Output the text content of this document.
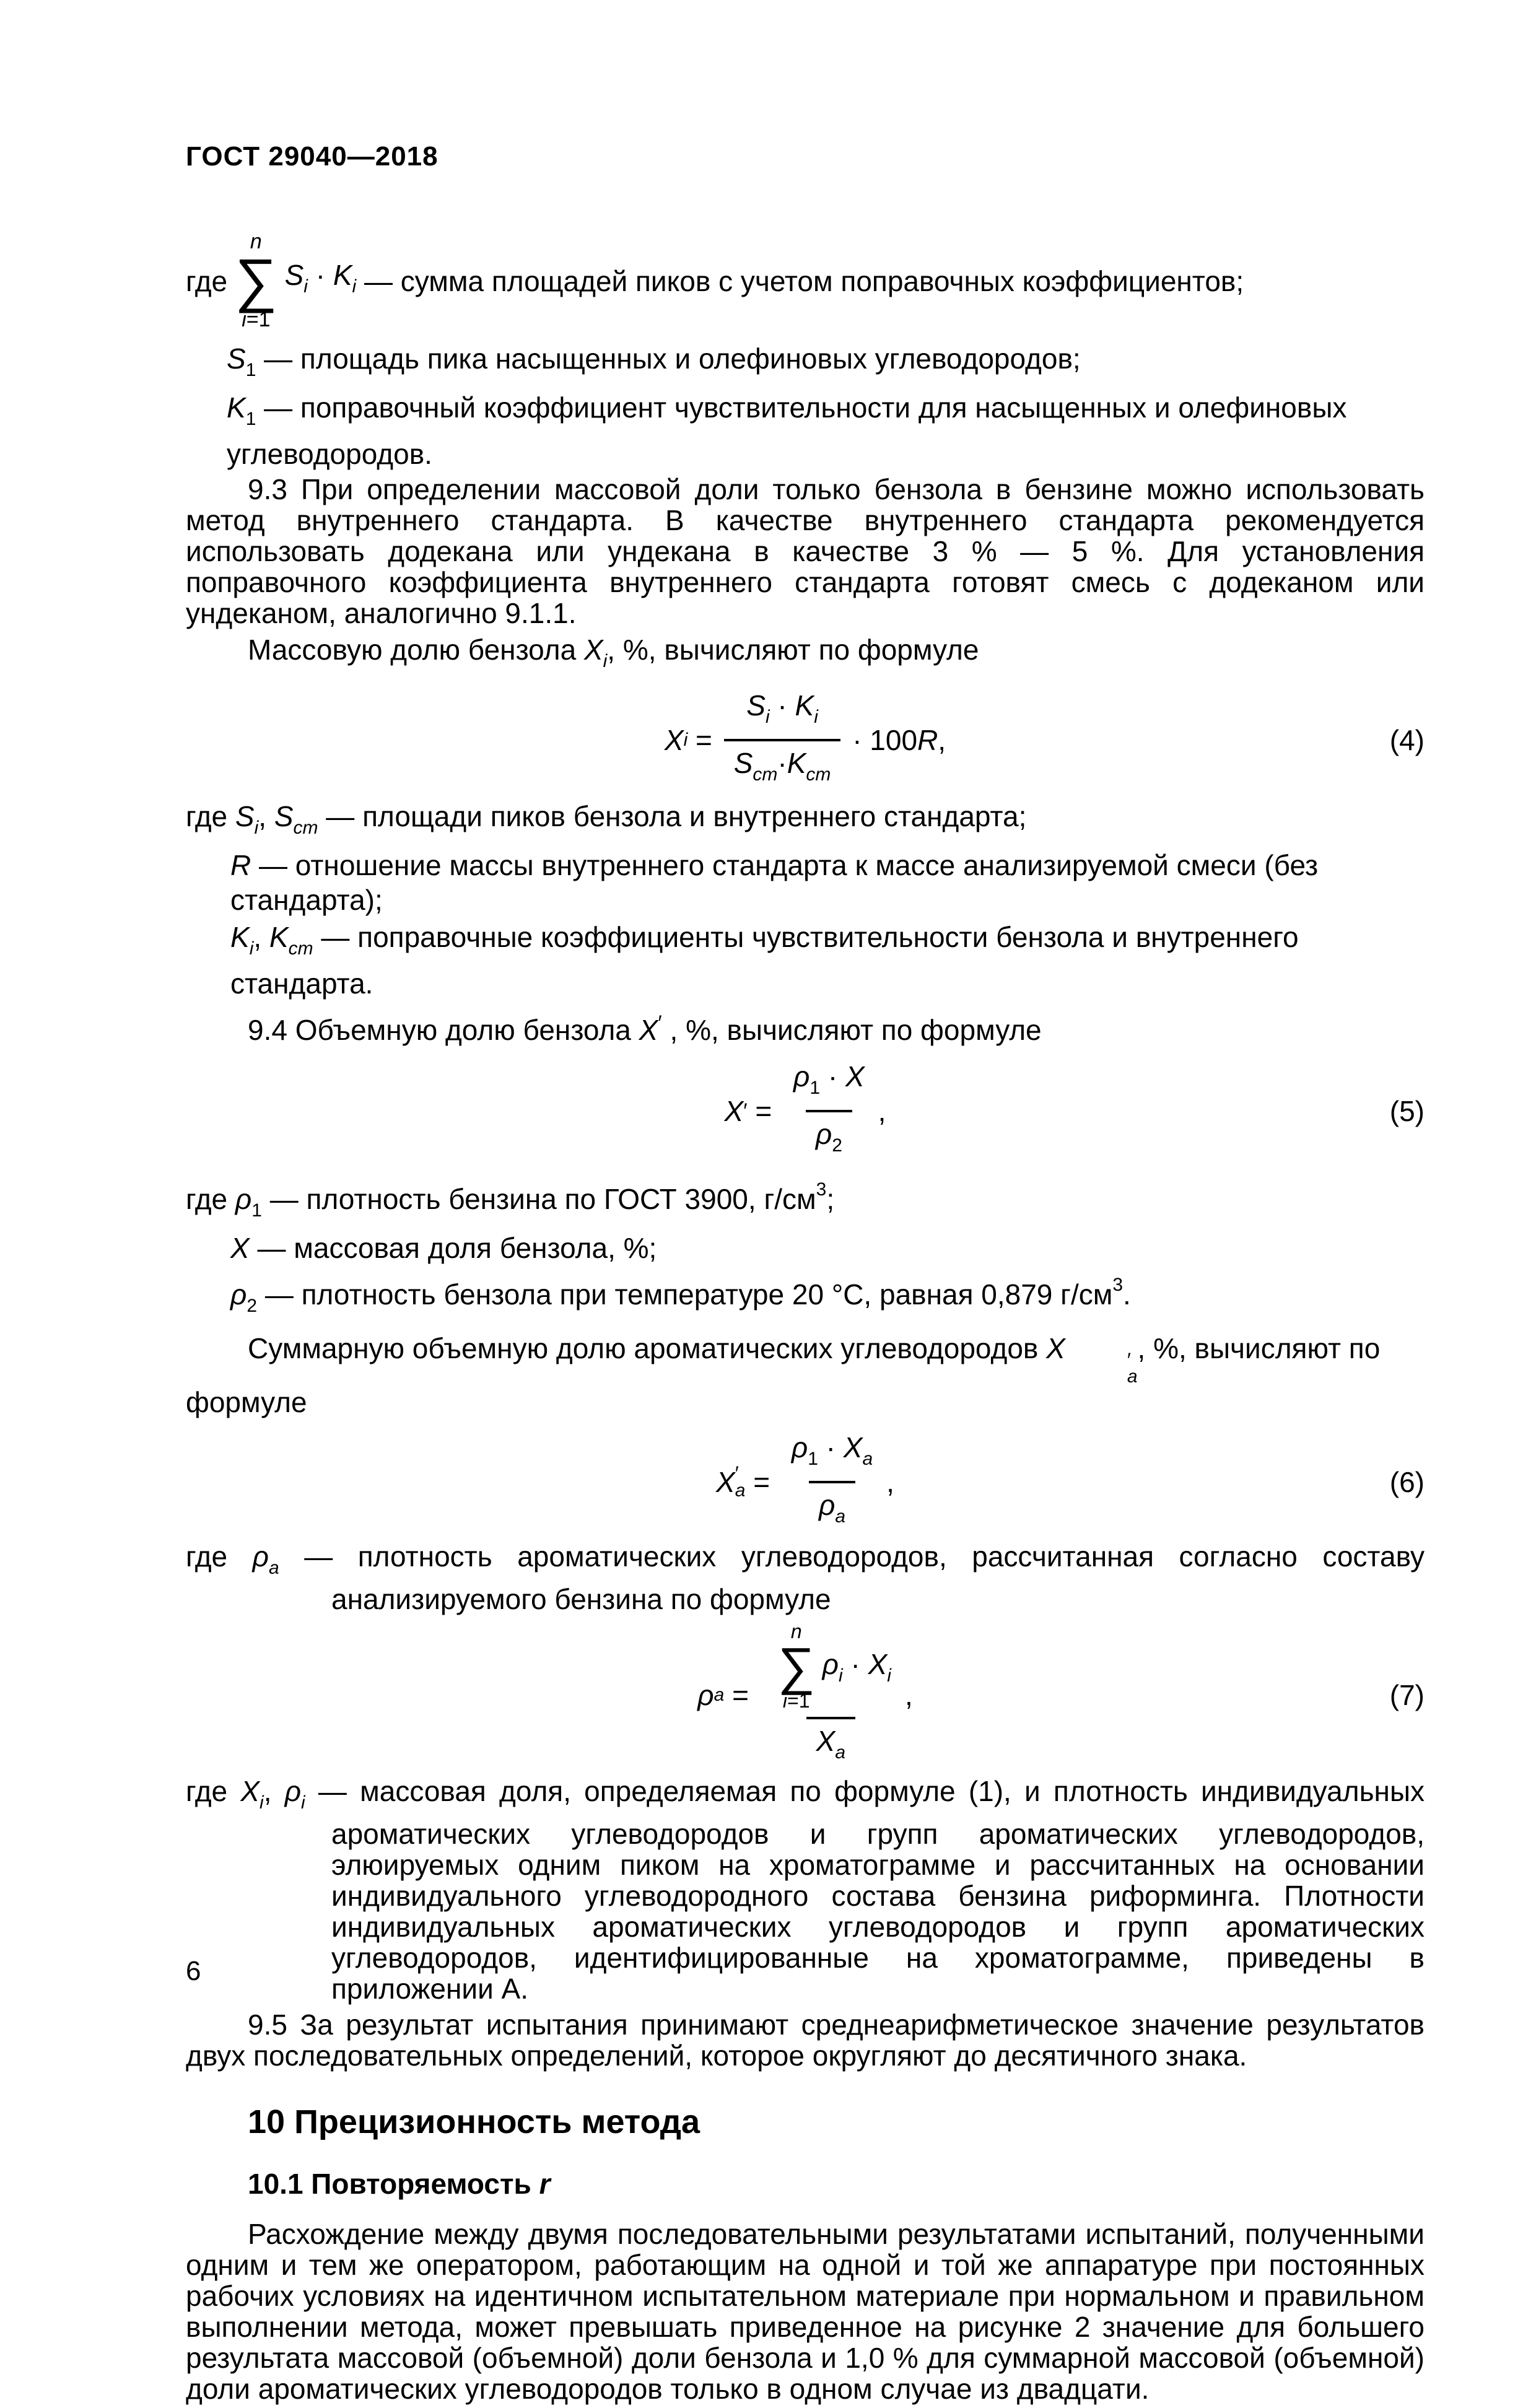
ГОСТ 29040—2018
где
n
∑
i=1
$S_i \cdot K_i$ — сумма площадей пиков с учетом поправочных коэффициентов;

$S_1$ — площадь пика насыщенных и олефиновых углеводородов;

$K_1$ — поправочный коэффициент чувствительности для насыщенных и олефиновых углеводородов.

9.3 При определении массовой доли только бензола в бензине можно использовать метод внутреннего стандарта. В качестве внутреннего стандарта рекомендуется использовать додекана или ундекана в качестве 3 % — 5 %. Для установления поправочного коэффициента внутреннего стандарта готовят смесь с додеканом или ундеканом, аналогично 9.1.1.

Массовую долю бензола $X_i$, %, вычисляют по формуле

X $i = \frac{S_i \cdot K_i}{S_{ст}\cdot K_{ст}} \cdot 100$ R ,	(4)

где $S_i$, $S_{ст}$ — площади пиков бензола и внутреннего стандарта;

R — отношение массы внутреннего стандарта к массе анализируемой смеси (без стандарта);

$K_i$, $K_{ст}$ — поправочные коэффициенты чувствительности бензола и внутреннего стандарта.

9.4 Объемную долю бензола X′ , %, вычисляют по формуле

X ′ = $\frac{\rho_1 \cdot X}{\rho_2}$ ,	(5)

где $\rho_1$ — плотность бензина по ГОСТ 3900, $г/см^3$;

X — массовая доля бензола, %;

$\rho_2$ — плотность бензола при температуре 20 °С, равная 0,879 $г/см^3$.

Суммарную объемную долю ароматических углеводородов X	′
а
, %, вычисляют по формуле

X ′
$а = \frac{\rho_1 \cdot X_а}{\rho_а}$ ,	(6)

где $\rho_а$ — плотность ароматических углеводородов, рассчитанная согласно составу анализируемого бензина по формуле

ρ а = n
∑
i=1
$\rho_i \cdot X_i$
$X_а$ ,	(7)

где $X_i$, $\rho_i$ — массовая доля, определяемая по формуле (1), и плотность индивидуальных ароматических углеводородов и групп ароматических углеводородов, элюируемых одним пиком на хроматограмме и рассчитанных на основании индивидуального углеводородного состава бензина риформинга. Плотности индивидуальных ароматических углеводородов и групп ароматических углеводородов, идентифицированные на хроматограмме, приведены в приложении А.

9.5 За результат испытания принимают среднеарифметическое значение результатов двух последовательных определений, которое округляют до десятичного знака.

10 Прецизионность метода
10.1 Повторяемость r

Расхождение между двумя последовательными результатами испытаний, полученными одним и тем же оператором, работающим на одной и той же аппаратуре при постоянных рабочих условиях на идентичном испытательном материале при нормальном и правильном выполнении метода, может превышать приведенное на рисунке 2 значение для большего результата массовой (объемной) доли бензола и 1,0 % для суммарной массовой (объемной) доли ароматических углеводородов только в одном случае из двадцати.

6
